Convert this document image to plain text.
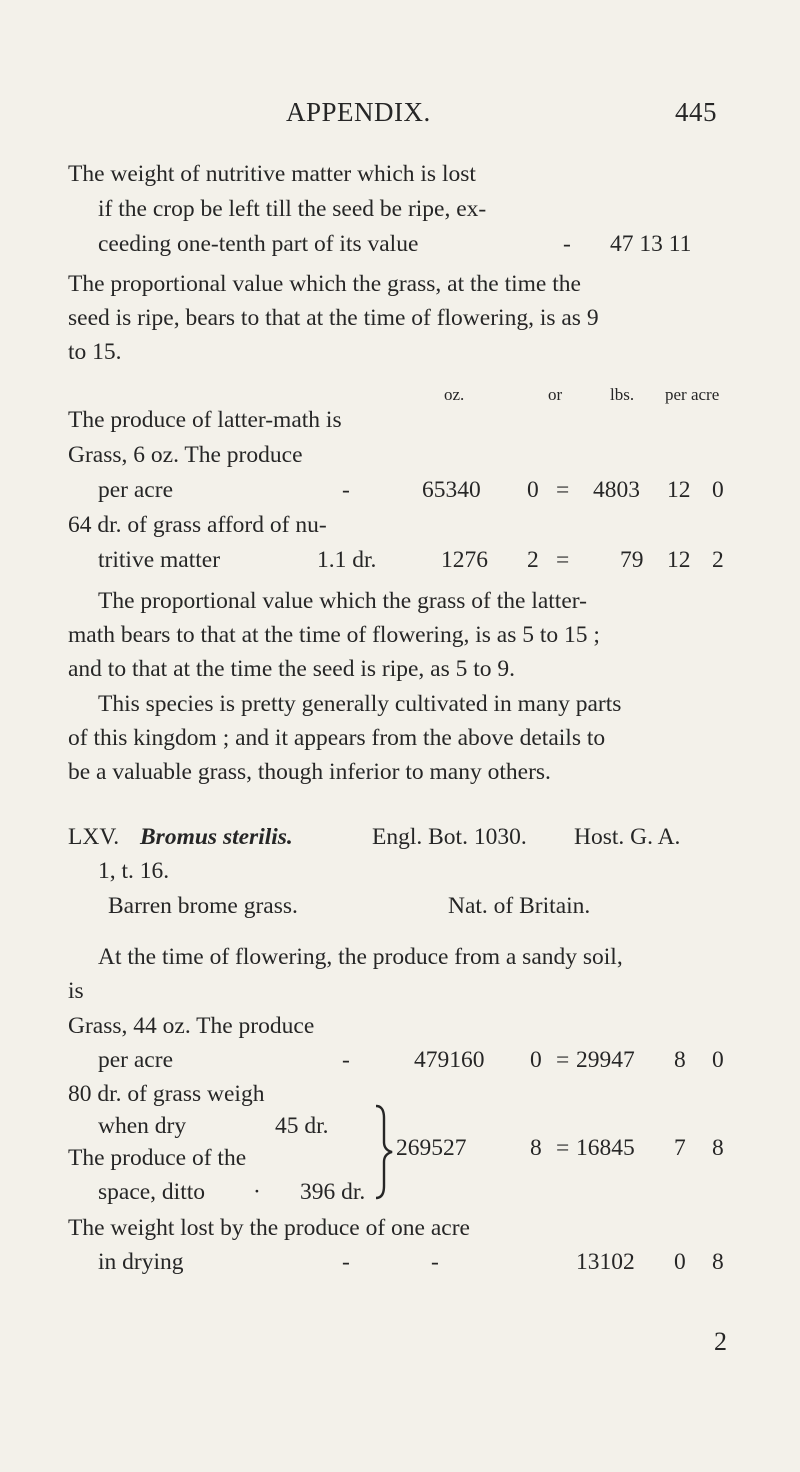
APPENDIX.	445
The weight of nutritive matter which is lost
if the crop be left till the seed be ripe, ex-
ceeding one-tenth part of its value	- 47 13 11
The proportional value which the grass, at the time the
seed is ripe, bears to that at the time of flowering, is as 9
to 15.
oz.	or	lbs. per acre
The produce of latter-math is
Grass, 6 oz. The produce
per acre	-	65340 0 = 4803 12 0
64 dr. of grass afford of nu-
tritive matter	1.1 dr.	1276 2 = 79 12 2
The proportional value which the grass of the latter-
math bears to that at the time of flowering, is as 5 to 15 ;
and to that at the time the seed is ripe, as 5 to 9.
This species is pretty generally cultivated in many parts
of this kingdom ; and it appears from the above details to
be a valuable grass, though inferior to many others.
LXV. Bromus sterilis.	Engl. Bot. 1030. Host. G. A.
1, t. 16.
Barren brome grass.	Nat. of Britain.
At the time of flowering, the produce from a sandy soil,
is
Grass, 44 oz. The produce
per acre	-	479160 0 = 29947 8 0
80 dr. of grass weigh
when dry	45 dr.
The produce of the
space, ditto · 396 dr.
269527	8 = 16845 7 8
The weight lost by the produce of one acre
in drying	-	-	13102 0 8
2
